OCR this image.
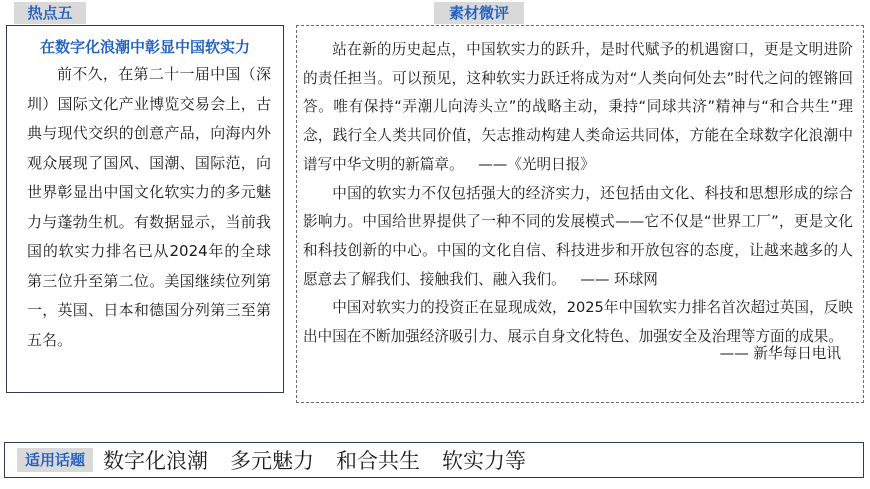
热点五	素材微评
在数字化浪潮中彰显中国软实力

前不久，在第二十一届中国（深圳）国际文化产业博览交易会上，古典与现代交织的创意产品，向海内外观众展现了国风、国潮、国际范，向世界彰显出中国文化软实力的多元魅力与蓬勃生机。有数据显示，当前我国的软实力排名已从2024年的全球第三位升至第二位。美国继续位列第一，英国、日本和德国分列第三至第五名。

站在新的历史起点，中国软实力的跃升，是时代赋予的机遇窗口，更是文明进阶的责任担当。可以预见，这种软实力跃迁将成为对“人类向何处去”时代之问的铿锵回答。唯有保持“弄潮儿向涛头立”的战略主动，秉持“同球共济”精神与“和合共生”理念，践行全人类共同价值，矢志推动构建人类命运共同体，方能在全球数字化浪潮中谱写中华文明的新篇章。  ——《光明日报》

中国的软实力不仅包括强大的经济实力，还包括由文化、科技和思想形成的综合影响力。中国给世界提供了一种不同的发展模式——它不仅是“世界工厂”，更是文化和科技创新的中心。中国的文化自信、科技进步和开放包容的态度，让越来越多的人愿意去了解我们、接触我们、融入我们。  —— 环球网

中国对软实力的投资正在显现成效，2025年中国软实力排名首次超过英国，反映出中国在不断加强经济吸引力、展示自身文化特色、加强安全及治理等方面的成果。

—— 新华每日电讯
适用话题 数字化浪潮 多元魅力 和合共生 软实力等
